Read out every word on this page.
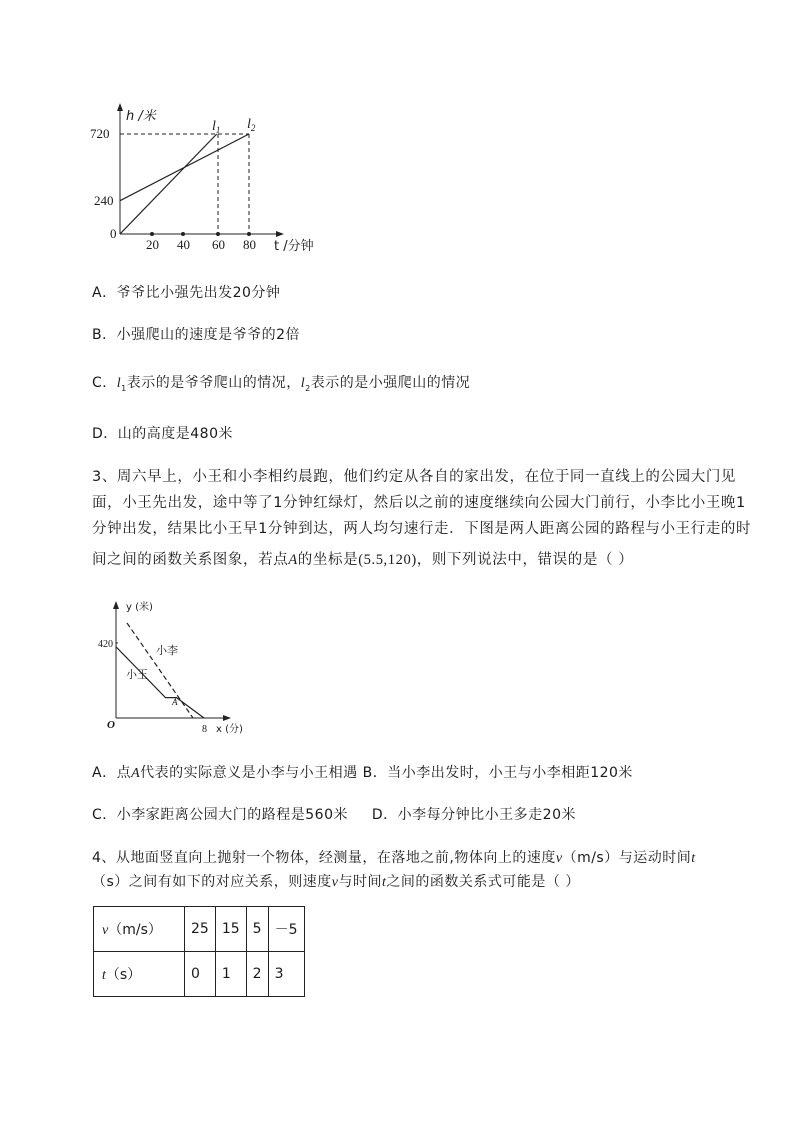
h /米
720
240
0
20 40 60 80 t /分钟
$l_1$ $l_2$
A．爷爷比小强先出发20分钟
B．小强爬山的速度是爷爷的2倍
C．$l_1$表示的是爷爷爬山的情况，$l_2$表示的是小强爬山的情况
D．山的高度是480米
3、周六早上，小王和小李相约晨跑，他们约定从各自的家出发，在位于同一直线上的公园大门见
面，小王先出发，途中等了1分钟红绿灯，然后以之前的速度继续向公园大门前行，小李比小王晚1
分钟出发，结果比小王早1分钟到达，两人均匀速行走．下图是两人距离公园的路程与小王行走的时
间之间的函数关系图象，若点A的坐标是(5.5,120)，则下列说法中，错误的是（ ）
y (米)
420
O	8 x (分)
小李
小王
A
A．点A代表的实际意义是小李与小王相遇 B．当小李出发时，小王与小李相距120米
C．小李家距离公园大门的路程是560米 D．小李每分钟比小王多走20米
4、从地面竖直向上抛射一个物体，经测量，在落地之前,物体向上的速度v（m/s）与运动时间t
（s）之间有如下的对应关系，则速度v与时间t之间的函数关系式可能是（ ）
v（m/s）	25	15	5	－5
t（s）	0	1	2	3
